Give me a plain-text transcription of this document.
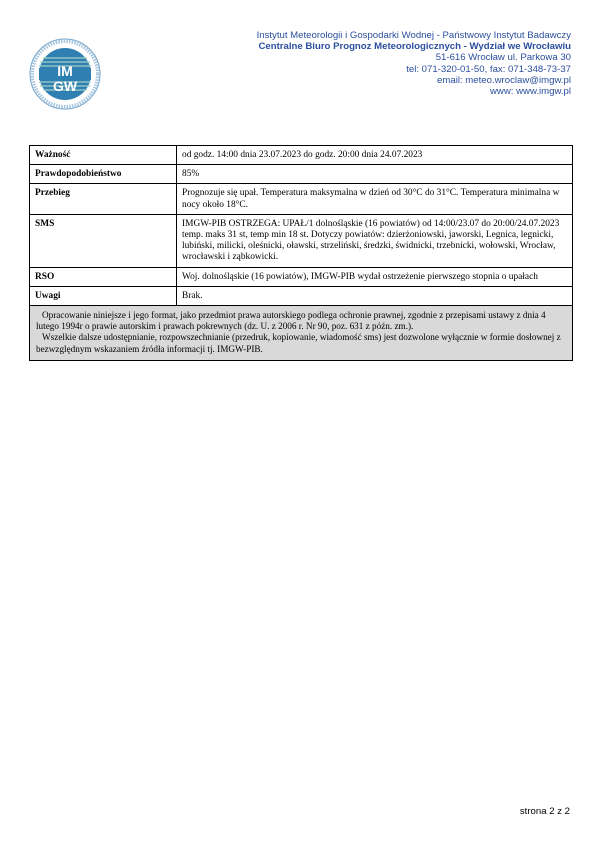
IM
GW
Instytut Meteorologii i Gospodarki Wodnej - Państwowy Instytut Badawczy
Centralne Biuro Prognoz Meteorologicznych - Wydział we Wrocławiu
51-616 Wrocław ul. Parkowa 30
tel: 071-320-01-50, fax: 071-348-73-37
email: meteo.wroclaw@imgw.pl
www: www.imgw.pl
Ważność	od godz. 14:00 dnia 23.07.2023 do godz. 20:00 dnia 24.07.2023
Prawdopodobieństwo	85%
Przebieg	Prognozuje się upał. Temperatura maksymalna w dzień od 30°C do 31°C. Temperatura minimalna w nocy około 18°C.
SMS	IMGW-PIB OSTRZEGA: UPAŁ/1 dolnośląskie (16 powiatów) od 14:00/23.07 do 20:00/24.07.2023 temp. maks 31 st, temp min 18 st. Dotyczy powiatów: dzierżoniowski, jaworski, Legnica, legnicki, lubiński, milicki, oleśnicki, oławski, strzeliński, średzki, świdnicki, trzebnicki, wołowski, Wrocław, wrocławski i ząbkowicki.
RSO	Woj. dolnośląskie (16 powiatów), IMGW-PIB wydał ostrzeżenie pierwszego stopnia o upałach
Uwagi	Brak.

Opracowanie niniejsze i jego format, jako przedmiot prawa autorskiego podlega ochronie prawnej, zgodnie z przepisami ustawy z dnia 4 lutego 1994r o prawie autorskim i prawach pokrewnych (dz. U. z 2006 r. Nr 90, poz. 631 z późn. zm.).

Wszelkie dalsze udostępnianie, rozpowszechnianie (przedruk, kopiowanie, wiadomość sms) jest dozwolone wyłącznie w formie dosłownej z bezwzględnym wskazaniem źródła informacji tj. IMGW-PIB.	

strona 2 z 2
